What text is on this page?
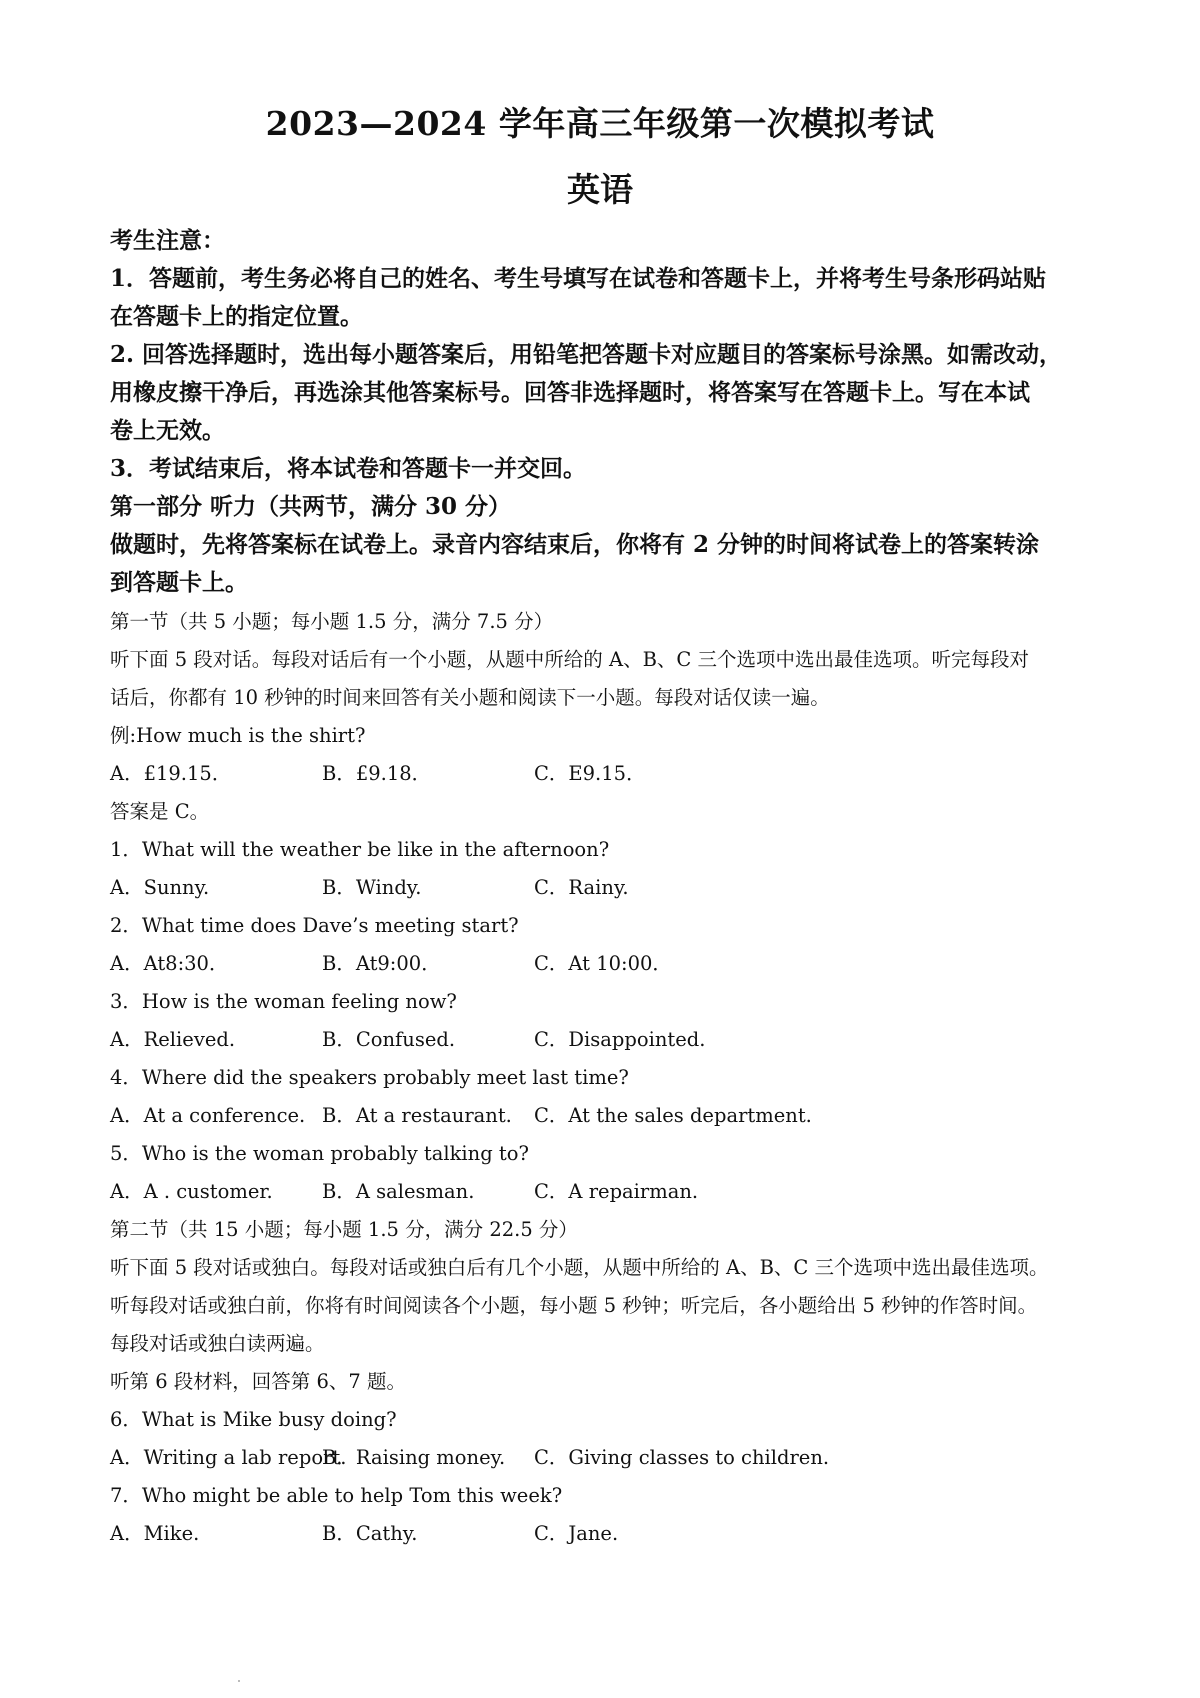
2023—2024 学年高三年级第一次模拟考试
英语
考生注意：
1．答题前，考生务必将自己的姓名、考生号填写在试卷和答题卡上，并将考生号条形码站贴
在答题卡上的指定位置。
2. 回答选择题时，选出每小题答案后，用铅笔把答题卡对应题目的答案标号涂黑。如需改动，
用橡皮擦干净后，再选涂其他答案标号。回答非选择题时，将答案写在答题卡上。写在本试
卷上无效。
3．考试结束后，将本试卷和答题卡一并交回。
第一部分 听力（共两节，满分 30 分）
做题时，先将答案标在试卷上。录音内容结束后，你将有 2 分钟的时间将试卷上的答案转涂
到答题卡上。
第一节（共 5 小题；每小题 1.5 分，满分 7.5 分）
听下面 5 段对话。每段对话后有一个小题，从题中所给的 A、B、C 三个选项中选出最佳选项。听完每段对
话后，你都有 10 秒钟的时间来回答有关小题和阅读下一小题。每段对话仅读一遍。
例:How much is the shirt?
A．£19.15．	B．£9.18．	C．E9.15．
答案是 C。
1．What will the weather be like in the afternoon?
A．Sunny.	B．Windy.	C．Rainy.
2．What time does Dave’s meeting start?
A．At8:30．	B．At9:00．	C．At 10:00．
3．How is the woman feeling now?
A．Relieved.	B．Confused.	C．Disappointed.
4．Where did the speakers probably meet last time?
A．At a conference. B．At a restaurant. C．At the sales department.
5．Who is the woman probably talking to?
A．A . customer.	B．A salesman.	C．A repairman.
第二节（共 15 小题；每小题 1.5 分，满分 22.5 分）
听下面 5 段对话或独白。每段对话或独白后有几个小题，从题中所给的 A、B、C 三个选项中选出最佳选项。
听每段对话或独白前，你将有时间阅读各个小题，每小题 5 秒钟；听完后，各小题给出 5 秒钟的作答时间。
每段对话或独白读两遍。
听第 6 段材料，回答第 6、7 题。
6．What is Mike busy doing?
A．Writing a lab report.
B．Raising money. C．Giving classes to children.
7．Who might be able to help Tom this week?
A．Mike.	B．Cathy.	C．Jane.
